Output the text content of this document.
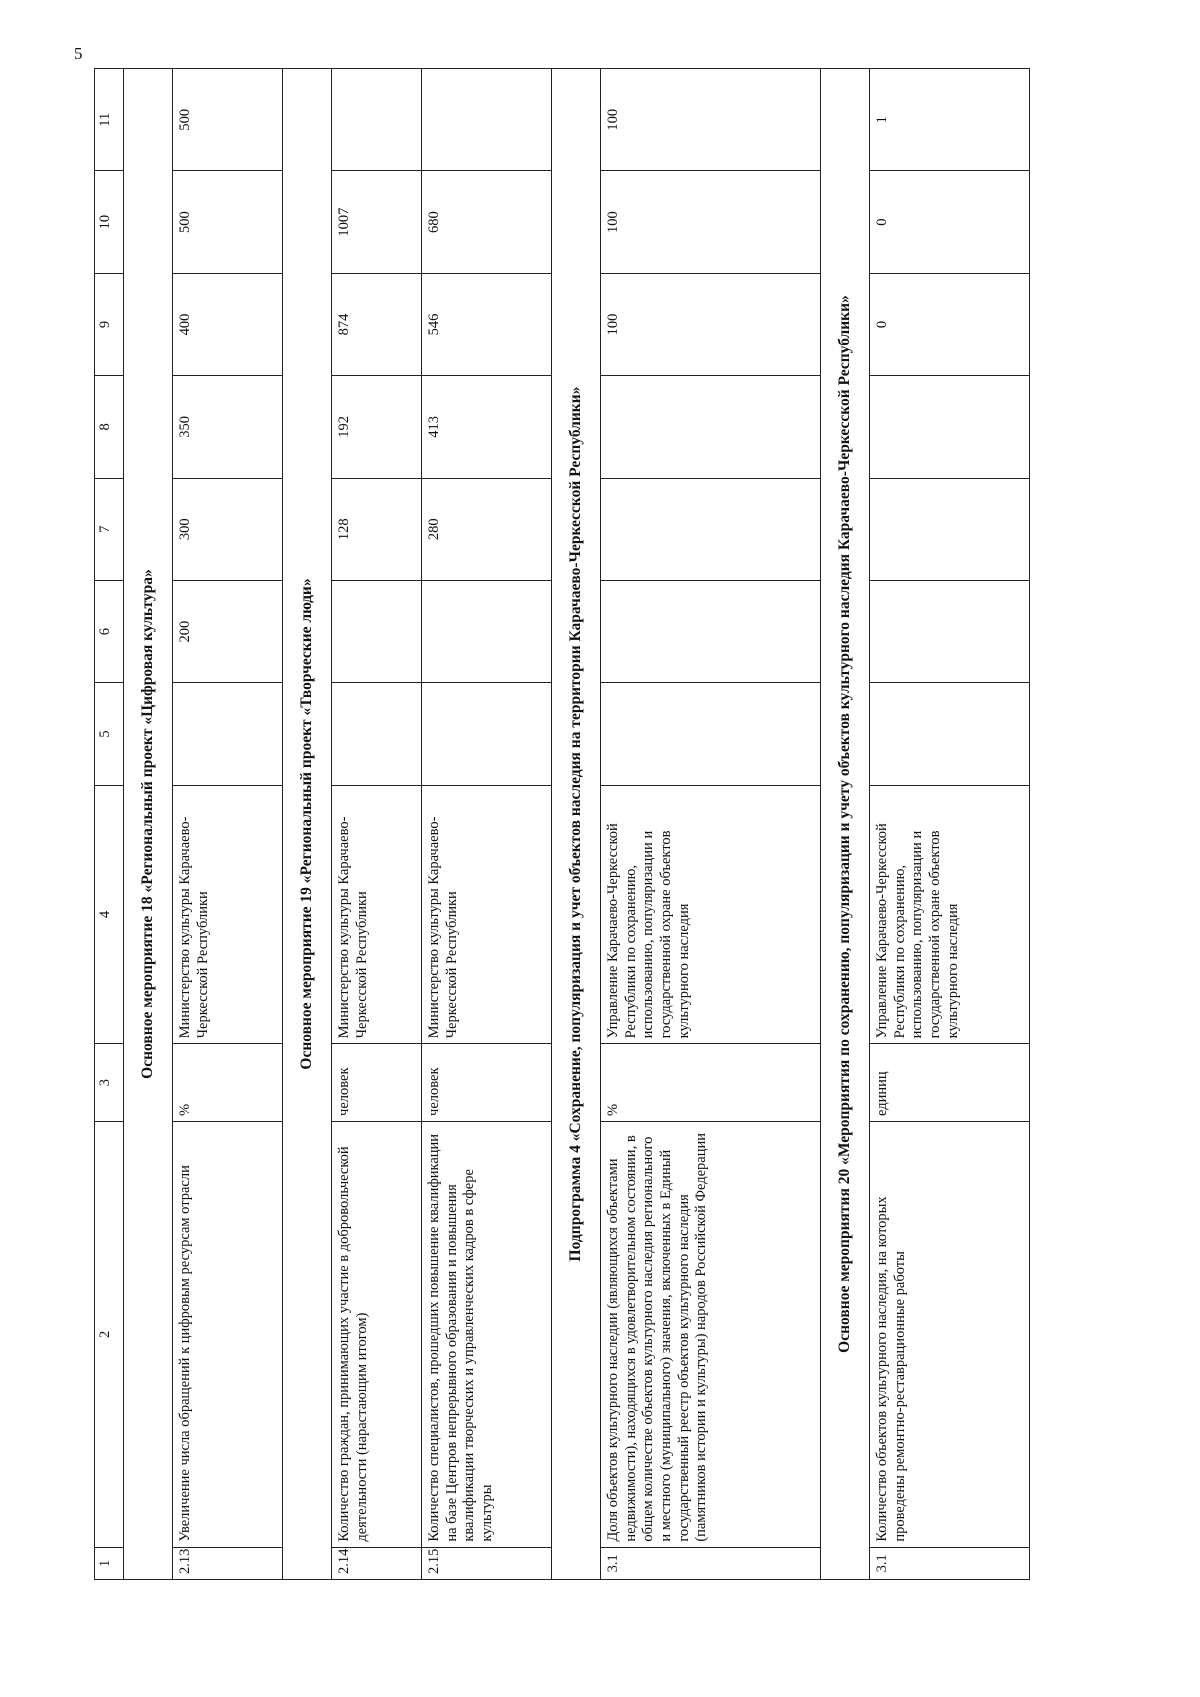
5
1	2	3	4	5	6	7	8	9	10	11
Основное мероприятие 18 «Региональный проект «Цифровая культура»										
2.13	Увеличение числа обращений к цифровым ресурсам отрасли	%	Министерство культуры Карачаево-Черкесской Республики		200	300	350	400	500	500
Основное мероприятие 19 «Региональный проект «Творческие люди»										
2.14	Количество граждан, принимающих участие в добровольческой деятельности (нарастающим итогом)	человек	Министерство культуры Карачаево-Черкесской Республики			128	192	874	1007	
2.15	Количество специалистов, прошедших повышение квалификации на базе Центров непрерывного образования и повышения квалификации творческих и управленческих кадров в сфере культуры	человек	Министерство культуры Карачаево-Черкесской Республики			280	413	546	680	
Подпрограмма 4 «Сохранение, популяризация и учет объектов наследия на территории Карачаево-Черкесской Республики»										
3.1	Доля объектов культурного наследии (являющихся объектами недвижимости), находящихся в удовлетворительном состоянии, в общем количестве объектов культурного наследия регионального и местного (муниципального) значения, включенных в Единый государственный реестр объектов культурного наследия (памятников истории и культуры) народов Российской Федерации	%	Управление Карачаево-Черкесской Республики по сохранению, использованию, популяризации и государственной охране объектов культурного наследия					100	100	100
Основное мероприятия 20 «Мероприятия по сохранению, популяризации и учету объектов культурного наследия Карачаево-Черкесской Республики»										
3.1	Количество объектов культурного наследия, на которых проведены ремонтно-реставрационные работы	единиц	Управление Карачаево-Черкесской Республики по сохранению, использованию, популяризации и государственной охране объектов культурного наследия					0	0	1
